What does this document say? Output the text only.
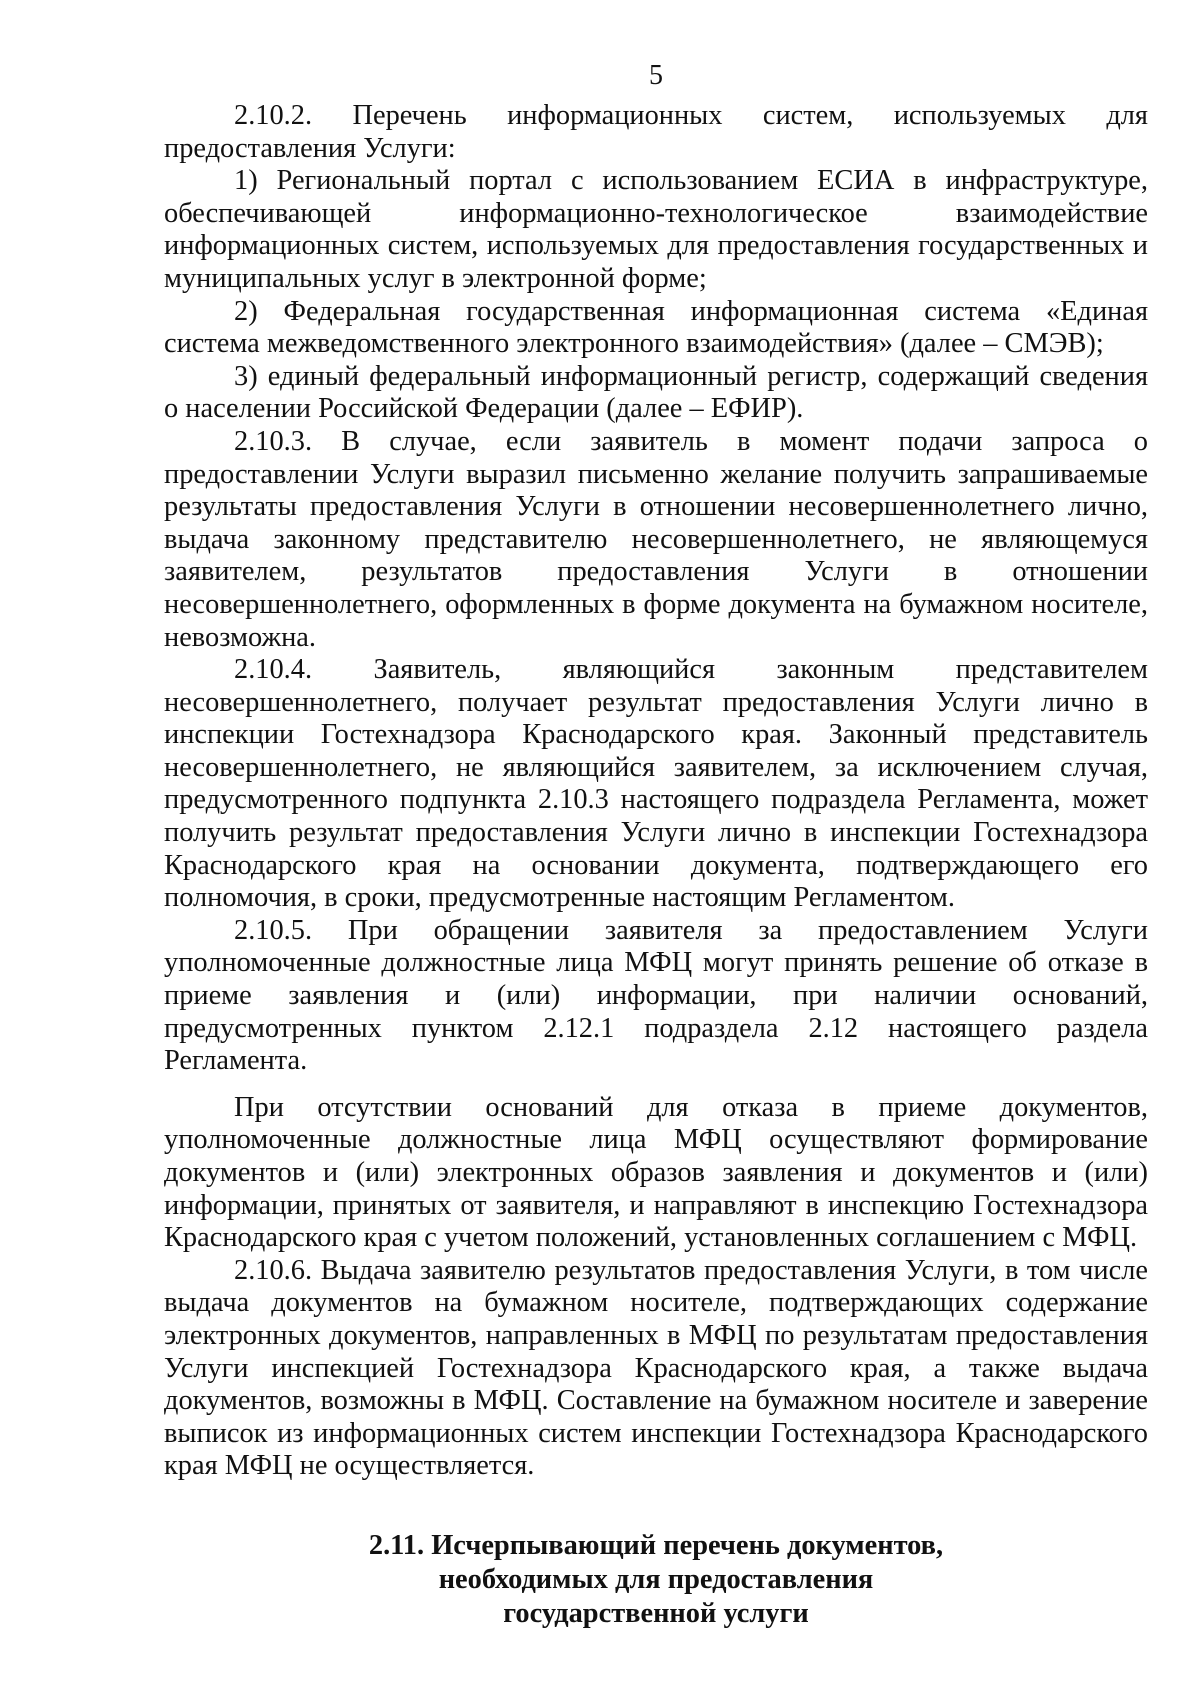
5

2.10.2. Перечень информационных систем, используемых для предоставления Услуги:

1) Региональный портал с использованием ЕСИА в инфраструктуре, обеспечивающей информационно-технологическое взаимодействие информационных систем, используемых для предоставления государственных и муниципальных услуг в электронной форме;

2) Федеральная государственная информационная система «Единая система межведомственного электронного взаимодействия» (далее – СМЭВ);

3) единый федеральный информационный регистр, содержащий сведения о населении Российской Федерации (далее – ЕФИР).

2.10.3. В случае, если заявитель в момент подачи запроса о предоставлении Услуги выразил письменно желание получить запрашиваемые результаты предоставления Услуги в отношении несовершеннолетнего лично, выдача законному представителю несовершеннолетнего, не являющемуся заявителем, результатов предоставления Услуги в отношении несовершеннолетнего, оформленных в форме документа на бумажном носителе, невозможна.

2.10.4. Заявитель, являющийся законным представителем несовершеннолетнего, получает результат предоставления Услуги лично в инспекции Гостехнадзора Краснодарского края. Законный представитель несовершеннолетнего, не являющийся заявителем, за исключением случая, предусмотренного подпункта 2.10.3 настоящего подраздела Регламента, может получить результат предоставления Услуги лично в инспекции Гостехнадзора Краснодарского края на основании документа, подтверждающего его полномочия, в сроки, предусмотренные настоящим Регламентом.

2.10.5. При обращении заявителя за предоставлением Услуги уполномоченные должностные лица МФЦ могут принять решение об отказе в приеме заявления и (или) информации, при наличии оснований, предусмотренных пунктом 2.12.1 подраздела 2.12 настоящего раздела Регламента.

При отсутствии оснований для отказа в приеме документов, уполномоченные должностные лица МФЦ осуществляют формирование документов и (или) электронных образов заявления и документов и (или) информации, принятых от заявителя, и направляют в инспекцию Гостехнадзора Краснодарского края с учетом положений, установленных соглашением с МФЦ.

2.10.6. Выдача заявителю результатов предоставления Услуги, в том числе выдача документов на бумажном носителе, подтверждающих содержание электронных документов, направленных в МФЦ по результатам предоставления Услуги инспекцией Гостехнадзора Краснодарского края, а также выдача документов, возможны в МФЦ. Составление на бумажном носителе и заверение выписок из информационных систем инспекции Гостехнадзора Краснодарского края МФЦ не осуществляется.

2.11. Исчерпывающий перечень документов,
необходимых для предоставления
государственной услуги
